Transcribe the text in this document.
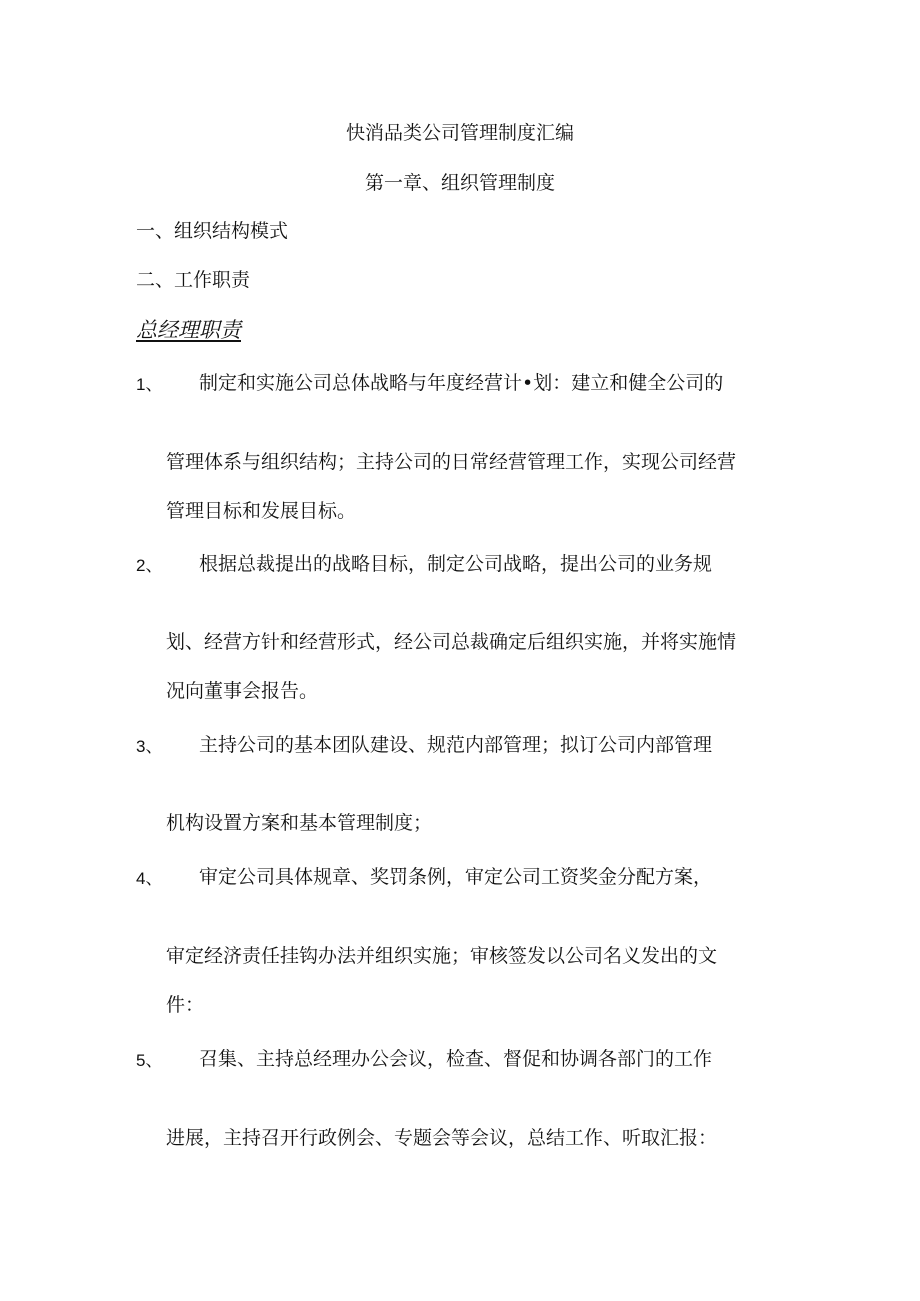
快消品类公司管理制度汇编
第一章、组织管理制度
一、组织结构模式
二、工作职责
总经理职责
1、 制定和实施公司总体战略与年度经营计•划：建立和健全公司的
管理体系与组织结构；主持公司的日常经营管理工作，实现公司经营
管理目标和发展目标。
2、 根据总裁提出的战略目标，制定公司战略，提出公司的业务规
划、经营方针和经营形式，经公司总裁确定后组织实施，并将实施情
况向董事会报告。
3、 主持公司的基本团队建设、规范内部管理；拟订公司内部管理
机构设置方案和基本管理制度；
4、 审定公司具体规章、奖罚条例，审定公司工资奖金分配方案，
审定经济责任挂钩办法并组织实施；审核签发以公司名义发出的文
件：
5、 召集、主持总经理办公会议，检查、督促和协调各部门的工作
进展，主持召开行政例会、专题会等会议，总结工作、听取汇报：
